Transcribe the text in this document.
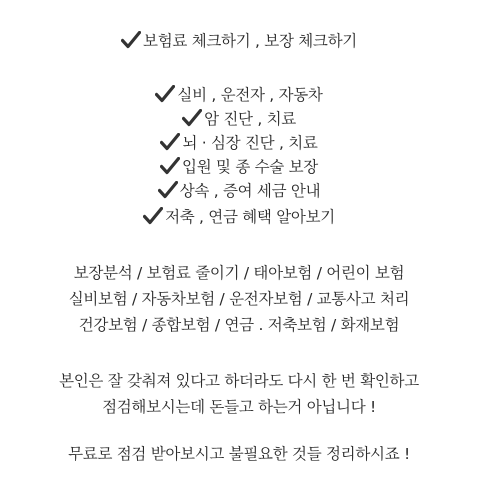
보험료 체크하기 , 보장 체크하기
실비 , 운전자 , 자동차
암 진단 , 치료
뇌 · 심장 진단 , 치료
입원 및 종 수술 보장
상속 , 증여 세금 안내
저축 , 연금 혜택 알아보기
보장분석 / 보험료 줄이기 / 태아보험 / 어린이 보험
실비보험 / 자동차보험 / 운전자보험 / 교통사고 처리
건강보험 / 종합보험 / 연금 . 저축보험 / 화재보험
본인은 잘 갖춰져 있다고 하더라도 다시 한 번 확인하고
점검해보시는데 돈들고 하는거 아닙니다 !
무료로 점검 받아보시고 불필요한 것들 정리하시죠 !
